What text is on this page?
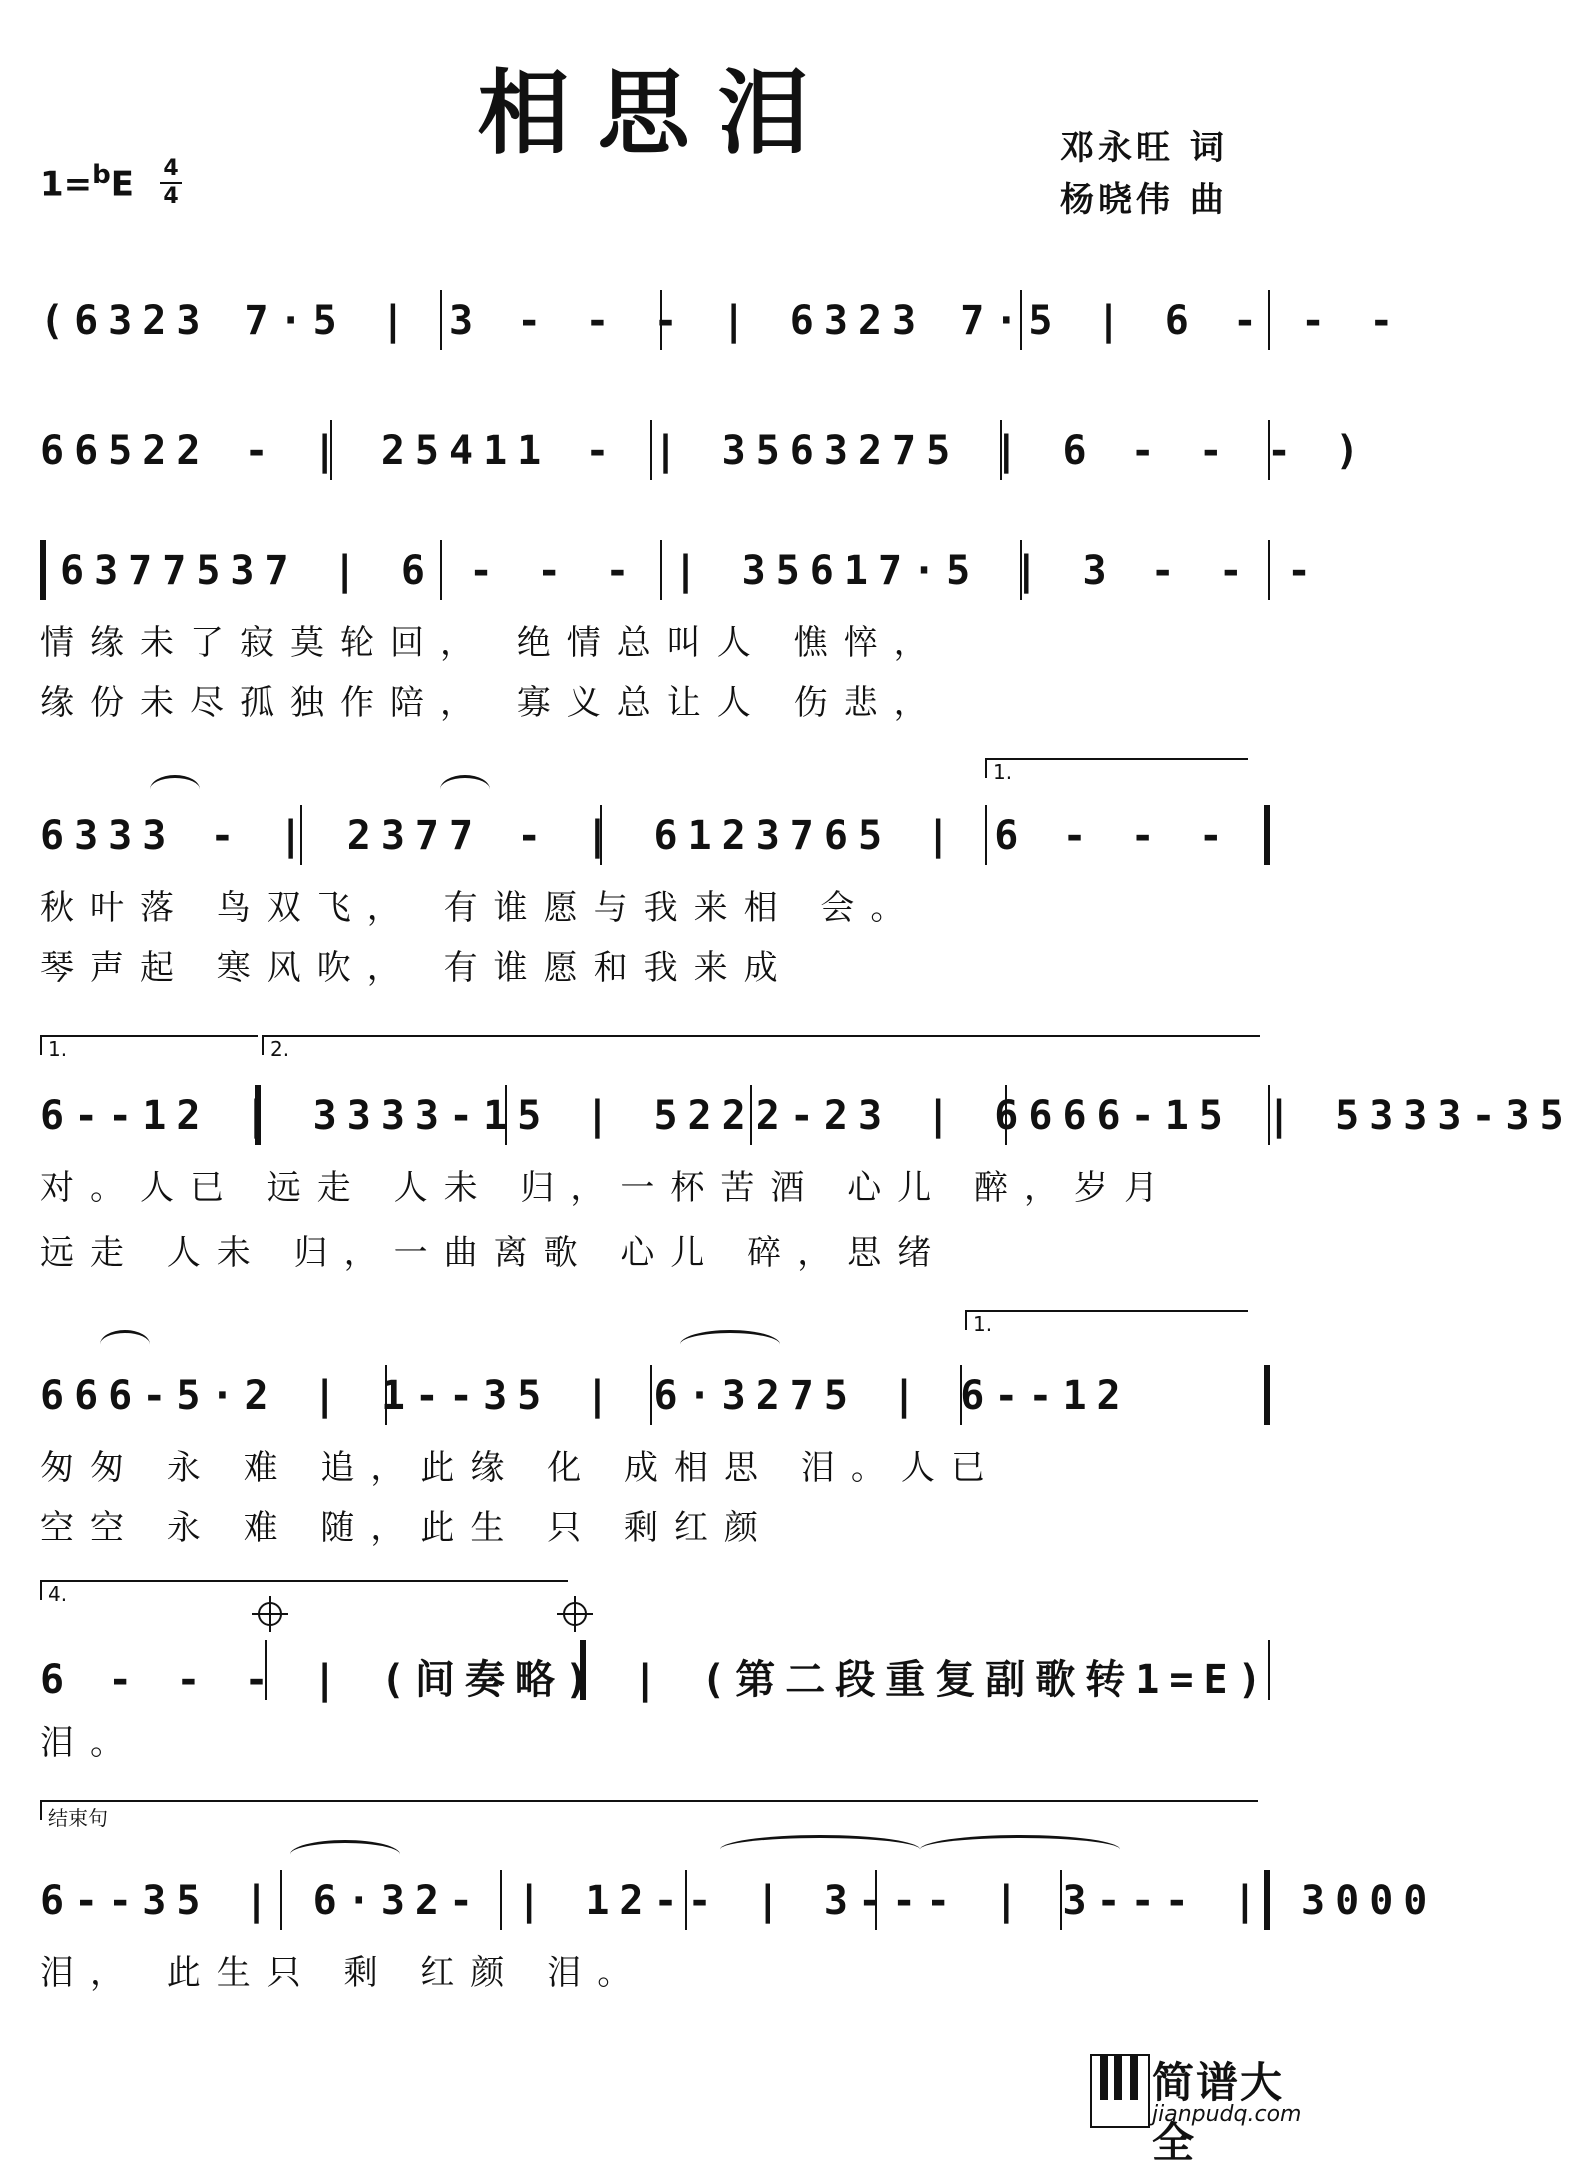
相思泪
1=$^b$E 4
4
邓永旺 词
杨晓伟 曲
(6323 7·5 | 3 - - - | 6323 7·5 | 6 - - -
66522 - | 25411 - | 3563275 | 6 - - - )
6377537 | 6 - - - | 35617·5 | 3 - - -
情缘未了寂莫轮回， 绝情总叫人 憔悴，
缘份未尽孤独作陪， 寡义总让人 伤悲，
1.
6333 - | 2377 - | 6123765 | 6 - - -
秋叶落 鸟双飞， 有谁愿与我来相 会。
琴声起 寒风吹， 有谁愿和我来成
1.	2.
6--12 | 3333-15 | 5222-23 | 6666-15 | 5333-35
对。人已 远走 人未 归，一杯苦酒 心儿 醉，岁月
远走 人未 归，一曲离歌 心儿 碎，思绪
1.
666-5·2 | 1--35 | 6·3275 | 6--12
匆匆 永 难 追，此缘 化 成相思 泪。人已
空空 永 难 随，此生 只 剩红颜
4.
6 - - - | (间奏略) | (第二段重复副歌转1=E)
泪。
结束句
6--35 | 6·32- | 12-- | 3--- | 3--- | 3000
泪， 此生只 剩 红颜 泪。
简谱大全
jianpudq.com
